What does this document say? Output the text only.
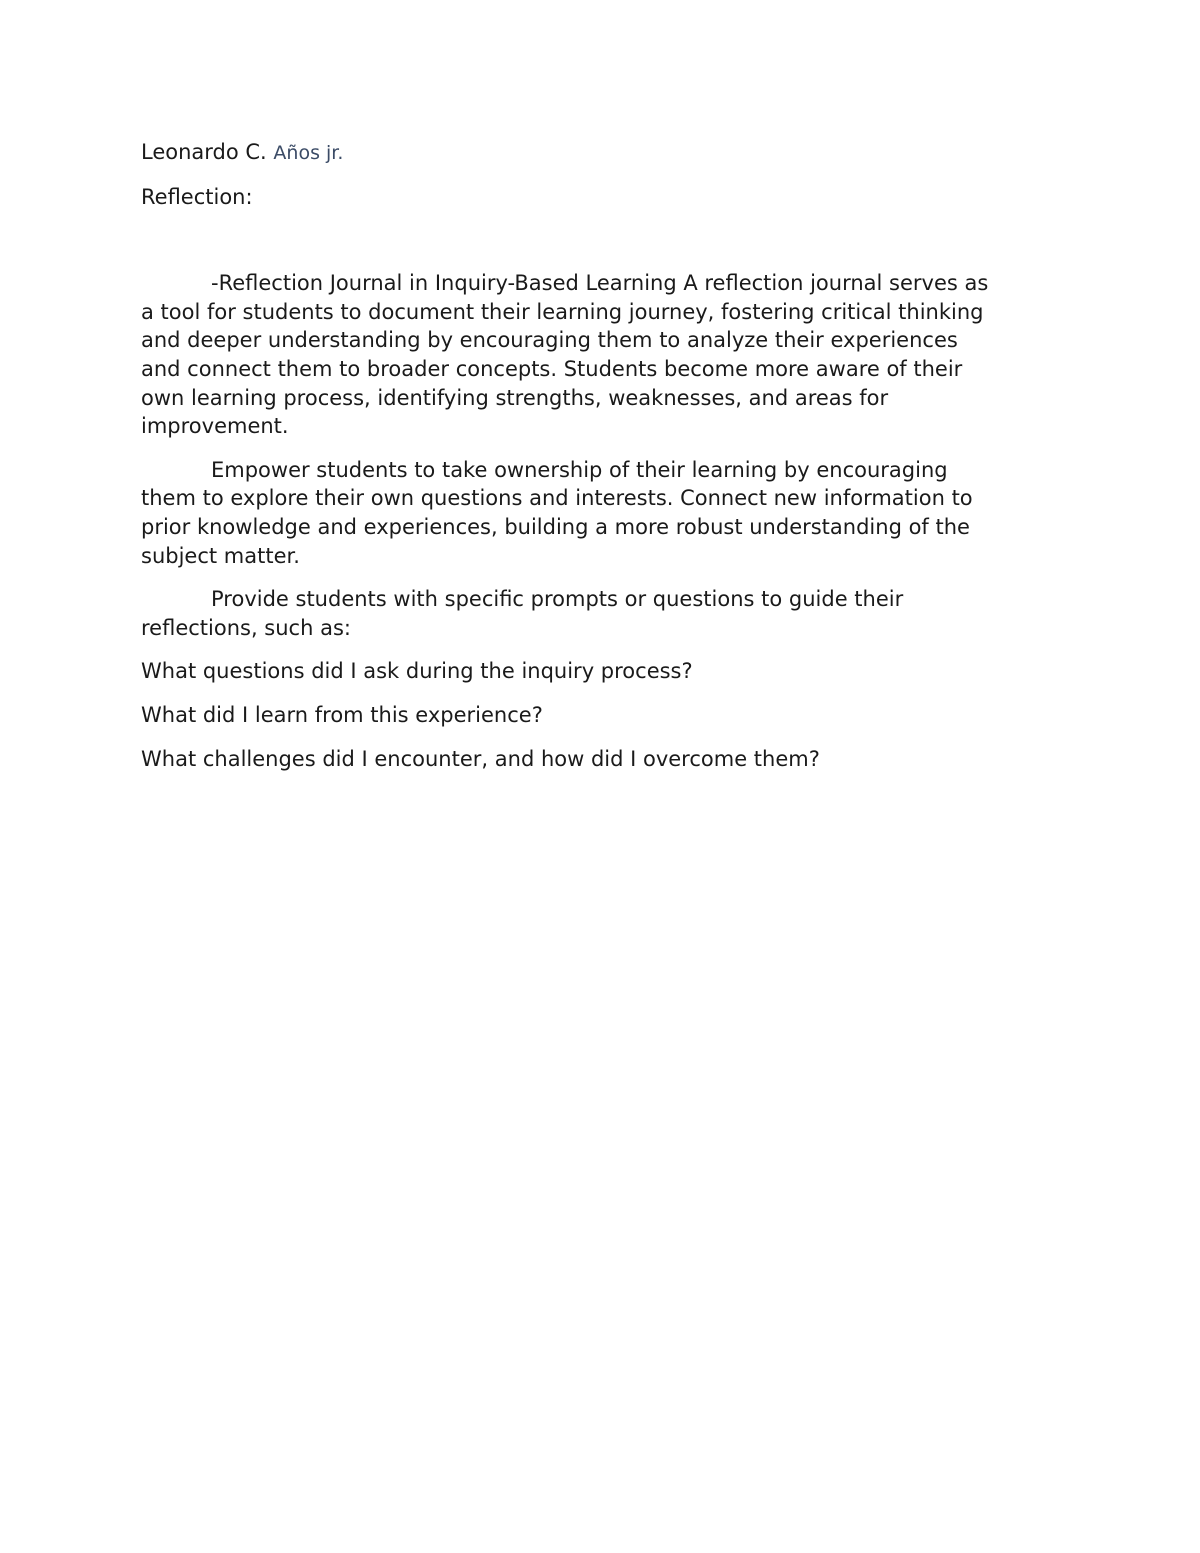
Leonardo C. Años jr.

Reflection:

-Reflection Journal in Inquiry-Based Learning A reflection journal serves as

a tool for students to document their learning journey, fostering critical thinking

and deeper understanding by encouraging them to analyze their experiences

and connect them to broader concepts. Students become more aware of their

own learning process, identifying strengths, weaknesses, and areas for

improvement.

Empower students to take ownership of their learning by encouraging

them to explore their own questions and interests. Connect new information to

prior knowledge and experiences, building a more robust understanding of the

subject matter.

Provide students with specific prompts or questions to guide their

reflections, such as:

What questions did I ask during the inquiry process?

What did I learn from this experience?

What challenges did I encounter, and how did I overcome them?
